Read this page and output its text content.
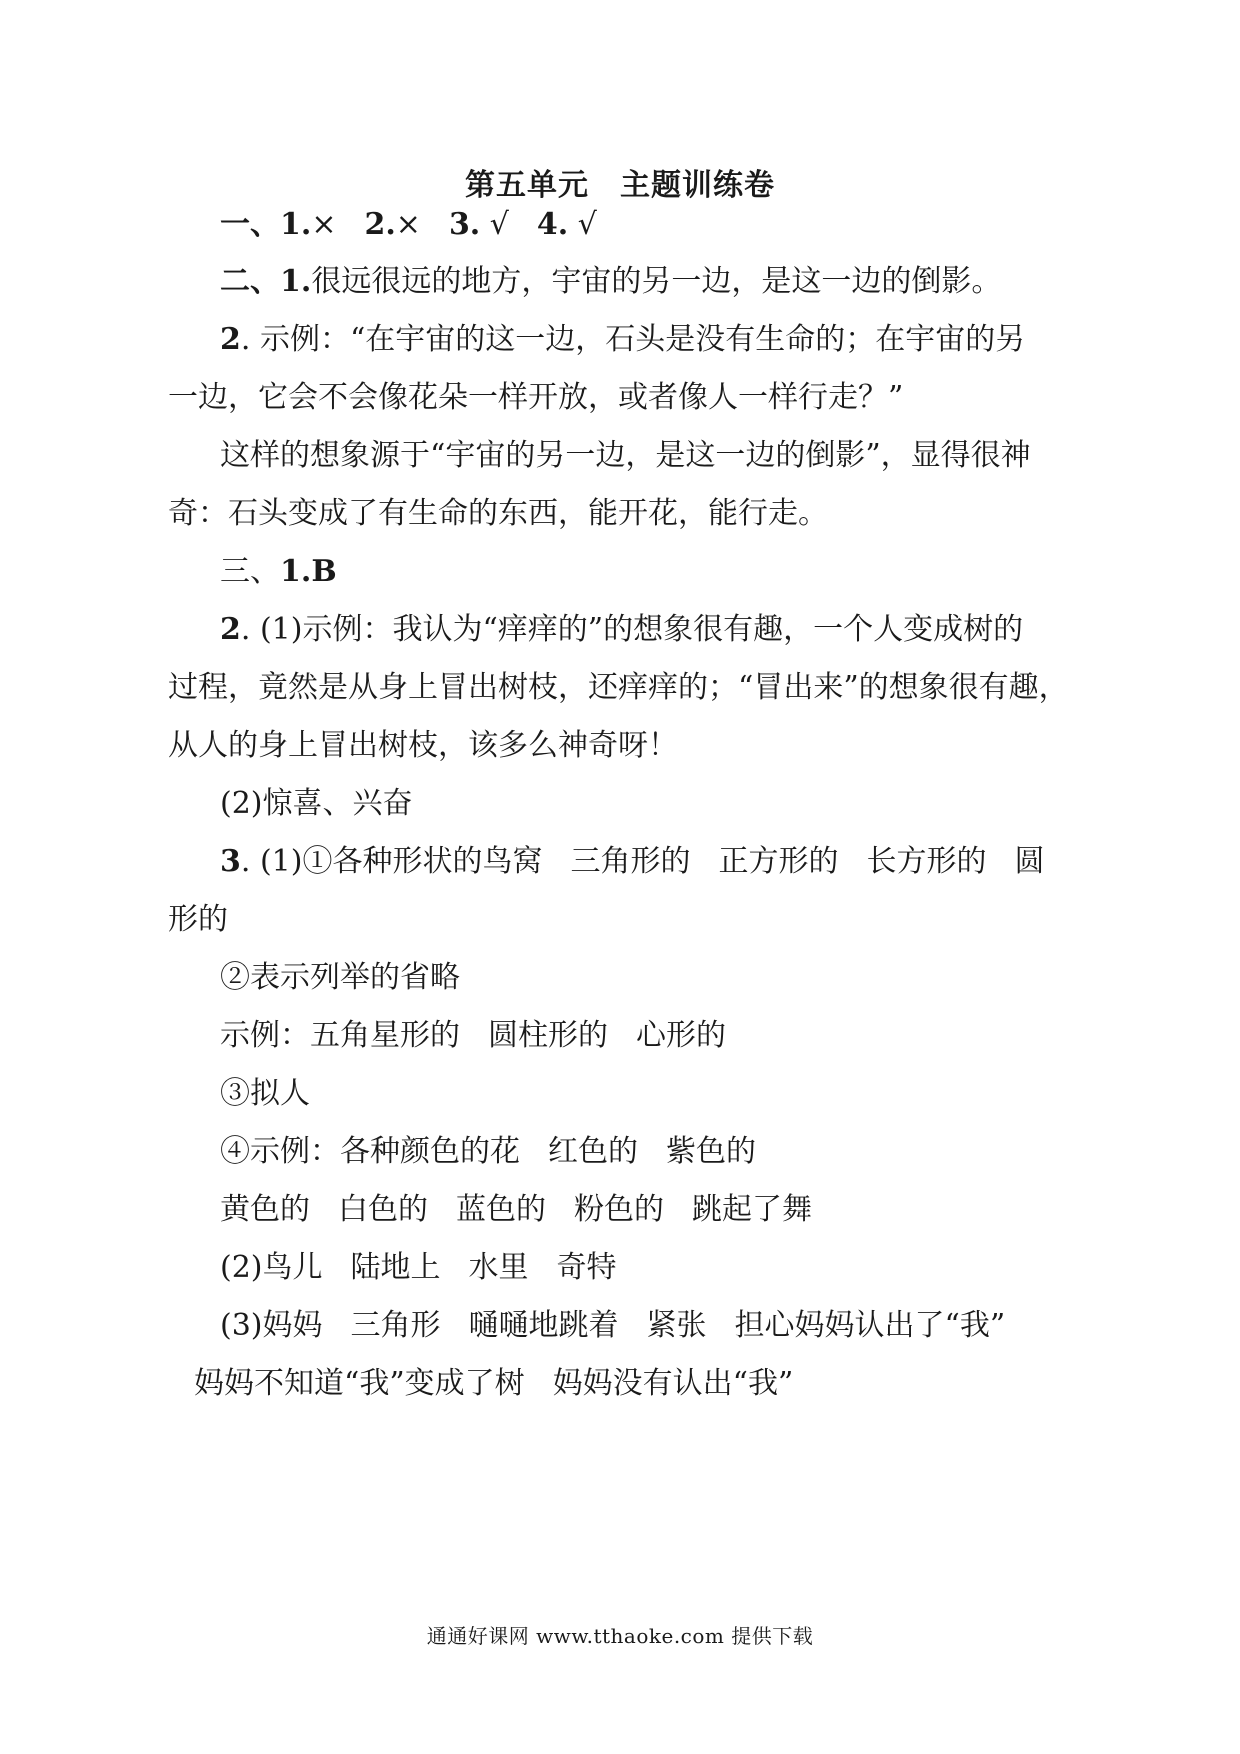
第五单元　主题训练卷
一、1.× 2.× 3. √ 4. √
二、1.很远很远的地方，宇宙的另一边，是这一边的倒影。
2. 示例：“在宇宙的这一边，石头是没有生命的；在宇宙的另
一边，它会不会像花朵一样开放，或者像人一样行走？”
这样的想象源于“宇宙的另一边，是这一边的倒影”，显得很神
奇：石头变成了有生命的东西，能开花，能行走。
三、1.B
2. (1)示例：我认为“痒痒的”的想象很有趣，一个人变成树的
过程，竟然是从身上冒出树枝，还痒痒的；“冒出来”的想象很有趣，
从人的身上冒出树枝，该多么神奇呀！
(2)惊喜、兴奋
3. (1)①各种形状的鸟窝 三角形的 正方形的 长方形的 圆
形的
②表示列举的省略
示例：五角星形的 圆柱形的 心形的
③拟人
④示例：各种颜色的花 红色的 紫色的
黄色的 白色的 蓝色的 粉色的 跳起了舞
(2)鸟儿 陆地上 水里 奇特
(3)妈妈 三角形 嗵嗵地跳着 紧张 担心妈妈认出了“我”
妈妈不知道“我”变成了树 妈妈没有认出“我”
通通好课网 www.tthaoke.com 提供下载
